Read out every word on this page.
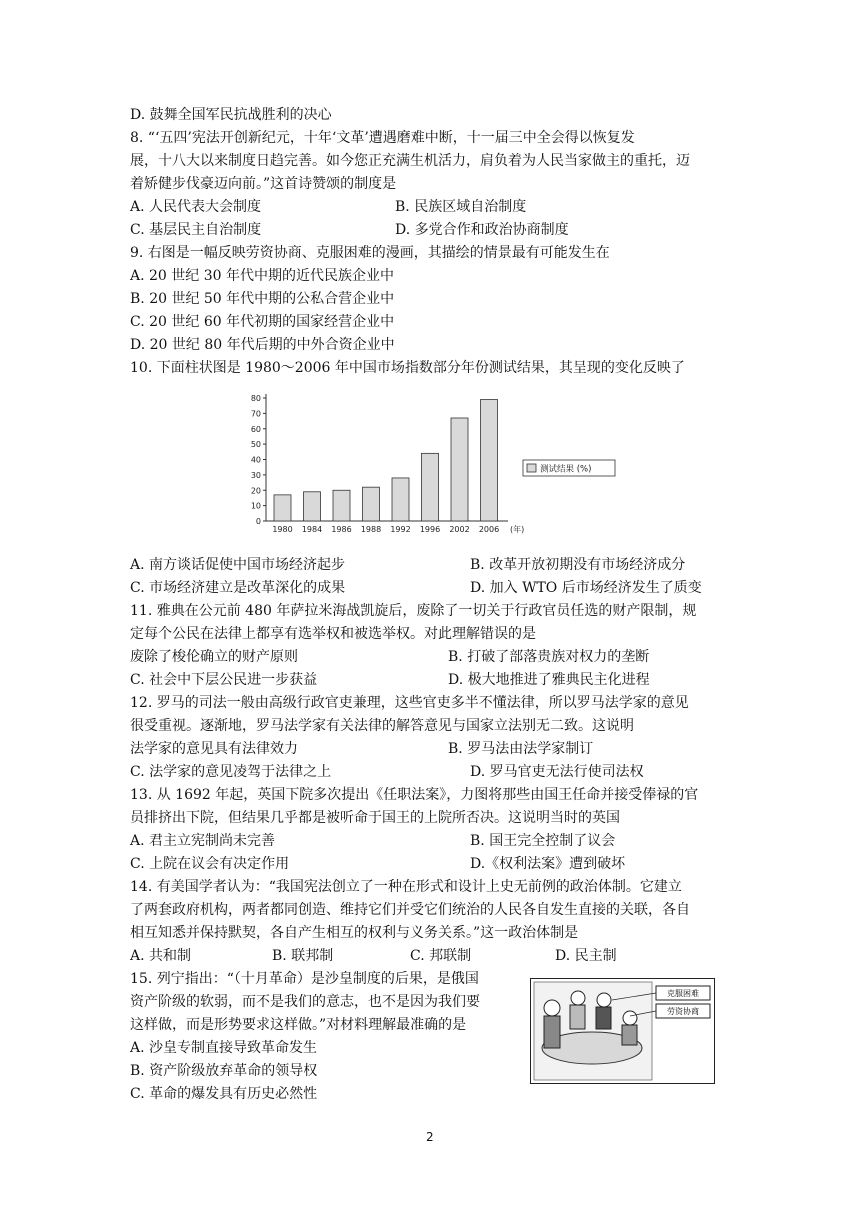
D. 鼓舞全国军民抗战胜利的决心
8. “‘五四’宪法开创新纪元，十年‘文革’遭遇磨难中断，十一届三中全会得以恢复发
展，十八大以来制度日趋完善。如今您正充满生机活力，肩负着为人民当家做主的重托，迈
着矫健步伐豪迈向前。”这首诗赞颂的制度是
A. 人民代表大会制度	B. 民族区域自治制度
C. 基层民主自治制度	D. 多党合作和政治协商制度
9. 右图是一幅反映劳资协商、克服困难的漫画，其描绘的情景最有可能发生在
A. 20 世纪 30 年代中期的近代民族企业中
B. 20 世纪 50 年代中期的公私合营企业中
C. 20 世纪 60 年代初期的国家经营企业中
D. 20 世纪 80 年代后期的中外合资企业中
10. 下面柱状图是 1980～2006 年中国市场指数部分年份测试结果，其呈现的变化反映了
0
10
20
30
40
50
60
70
80
1980 1984 1986 1988 1992 1996 2002 2006 (年)
测试结果 (%)
A. 南方谈话促使中国市场经济起步	B. 改革开放初期没有市场经济成分
C. 市场经济建立是改革深化的成果	D. 加入 WTO 后市场经济发生了质变
11. 雅典在公元前 480 年萨拉米海战凯旋后，废除了一切关于行政官员任选的财产限制，规
定每个公民在法律上都享有选举权和被选举权。对此理解错误的是
废除了梭伦确立的财产原则	B. 打破了部落贵族对权力的垄断
C. 社会中下层公民进一步获益	D. 极大地推进了雅典民主化进程
12. 罗马的司法一般由高级行政官吏兼理，这些官吏多半不懂法律，所以罗马法学家的意见
很受重视。逐渐地，罗马法学家有关法律的解答意见与国家立法别无二致。这说明
法学家的意见具有法律效力	B. 罗马法由法学家制订
C. 法学家的意见凌驾于法律之上	D. 罗马官吏无法行使司法权
13. 从 1692 年起，英国下院多次提出《任职法案》，力图将那些由国王任命并接受俸禄的官
员排挤出下院，但结果几乎都是被听命于国王的上院所否决。这说明当时的英国
A. 君主立宪制尚未完善	B. 国王完全控制了议会
C. 上院在议会有决定作用	D.《权利法案》遭到破坏
14. 有美国学者认为：“我国宪法创立了一种在形式和设计上史无前例的政治体制。它建立
了两套政府机构，两者都同创造、维持它们并受它们统治的人民各自发生直接的关联，各自
相互知悉并保持默契，各自产生相互的权利与义务关系。”这一政治体制是
A. 共和制	B. 联邦制	C. 邦联制	D. 民主制
15. 列宁指出：“（十月革命）是沙皇制度的后果，是俄国
资产阶级的软弱，而不是我们的意志，也不是因为我们要
这样做，而是形势要求这样做。”对材料理解最准确的是
A. 沙皇专制直接导致革命发生
B. 资产阶级放弃革命的领导权
C. 革命的爆发具有历史必然性
克服困难
劳资协商
2
